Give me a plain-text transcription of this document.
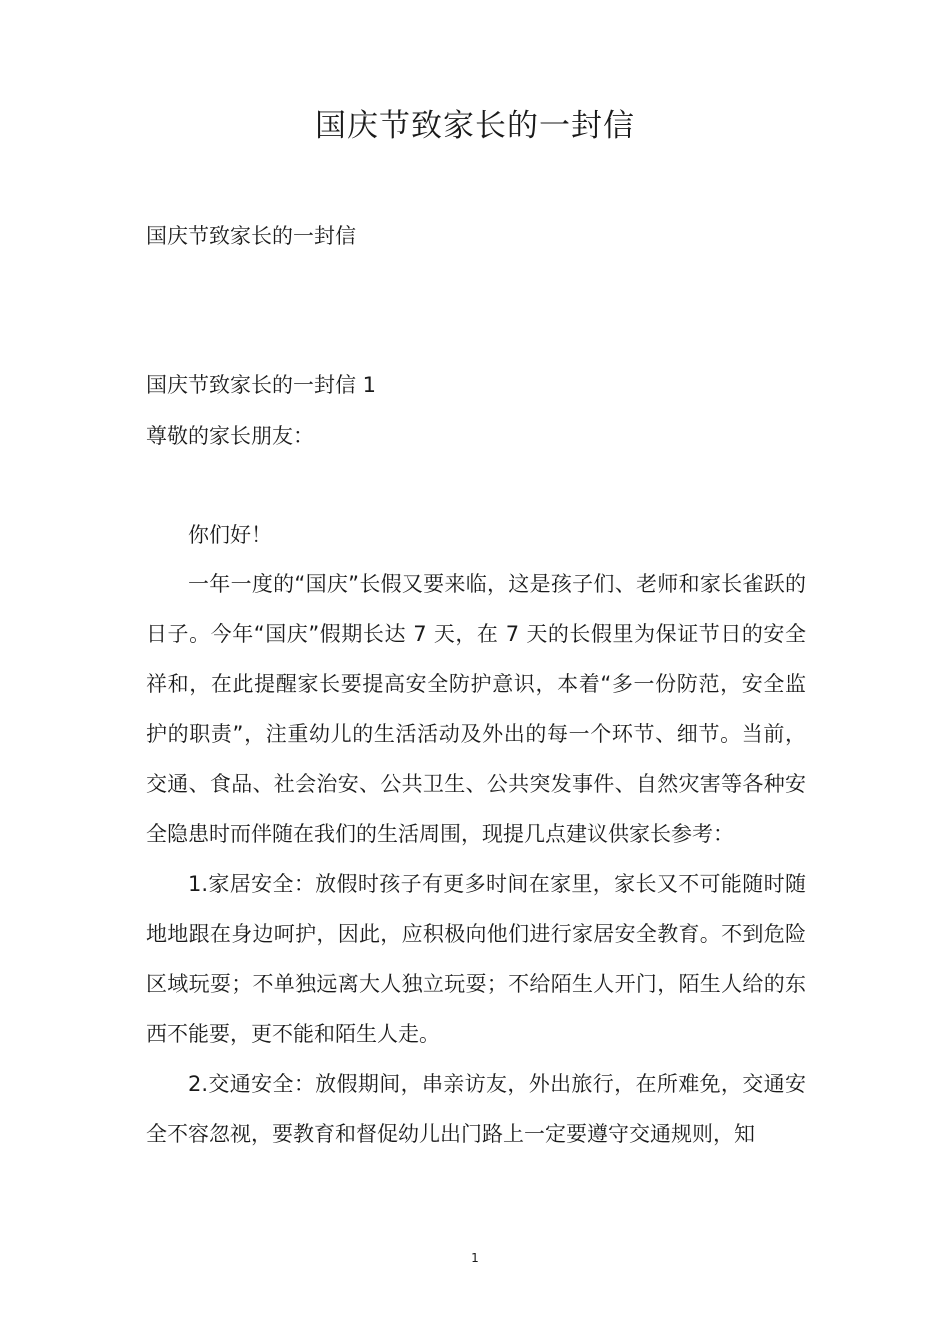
国庆节致家长的一封信

国庆节致家长的一封信

国庆节致家长的一封信 1

尊敬的家长朋友：

你们好！

一年一度的“国庆”长假又要来临，这是孩子们、老师和家长雀跃的日子。今年“国庆”假期长达 7 天，在 7 天的长假里为保证节日的安全祥和，在此提醒家长要提高安全防护意识，本着“多一份防范，安全监护的职责”，注重幼儿的生活活动及外出的每一个环节、细节。当前，交通、食品、社会治安、公共卫生、公共突发事件、自然灾害等各种安全隐患时而伴随在我们的生活周围，现提几点建议供家长参考：

1.家居安全：放假时孩子有更多时间在家里，家长又不可能随时随地地跟在身边呵护，因此，应积极向他们进行家居安全教育。不到危险区域玩耍；不单独远离大人独立玩耍；不给陌生人开门，陌生人给的东西不能要，更不能和陌生人走。

2.交通安全：放假期间，串亲访友，外出旅行，在所难免，交通安全不容忽视，要教育和督促幼儿出门路上一定要遵守交通规则，知

1
